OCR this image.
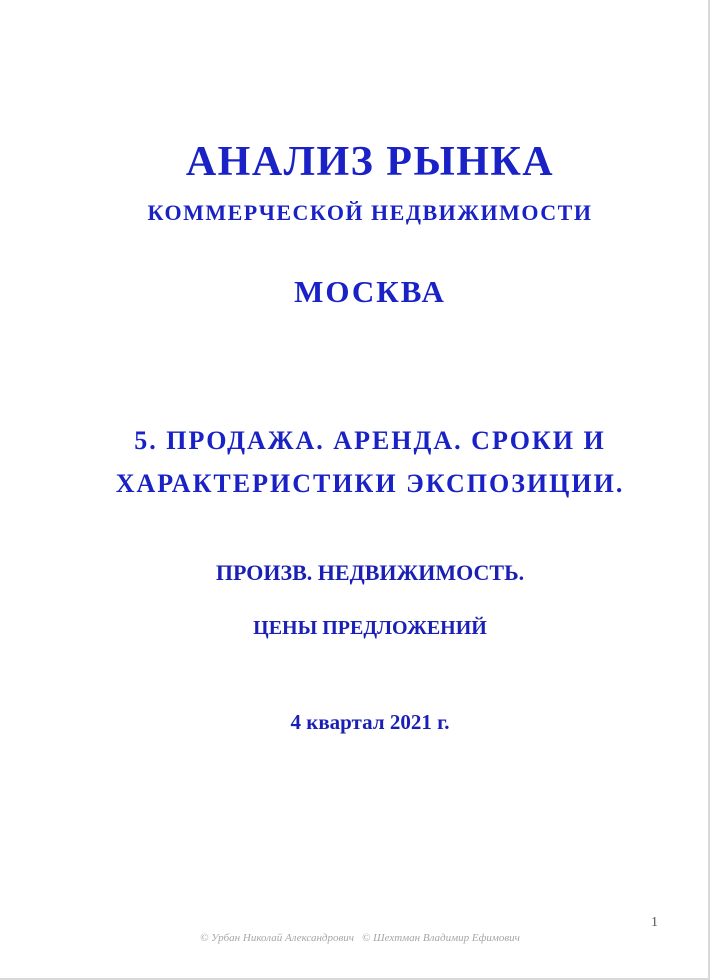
АНАЛИЗ РЫНКА
КОММЕРЧЕСКОЙ НЕДВИЖИМОСТИ
МОСКВА
5. ПРОДАЖА. АРЕНДА. СРОКИ И
ХАРАКТЕРИСТИКИ ЭКСПОЗИЦИИ.
ПРОИЗВ. НЕДВИЖИМОСТЬ.
ЦЕНЫ ПРЕДЛОЖЕНИЙ
4 квартал 2021 г.
1
© Урбан Николай Александрович © Шехтман Владимир Ефимович
